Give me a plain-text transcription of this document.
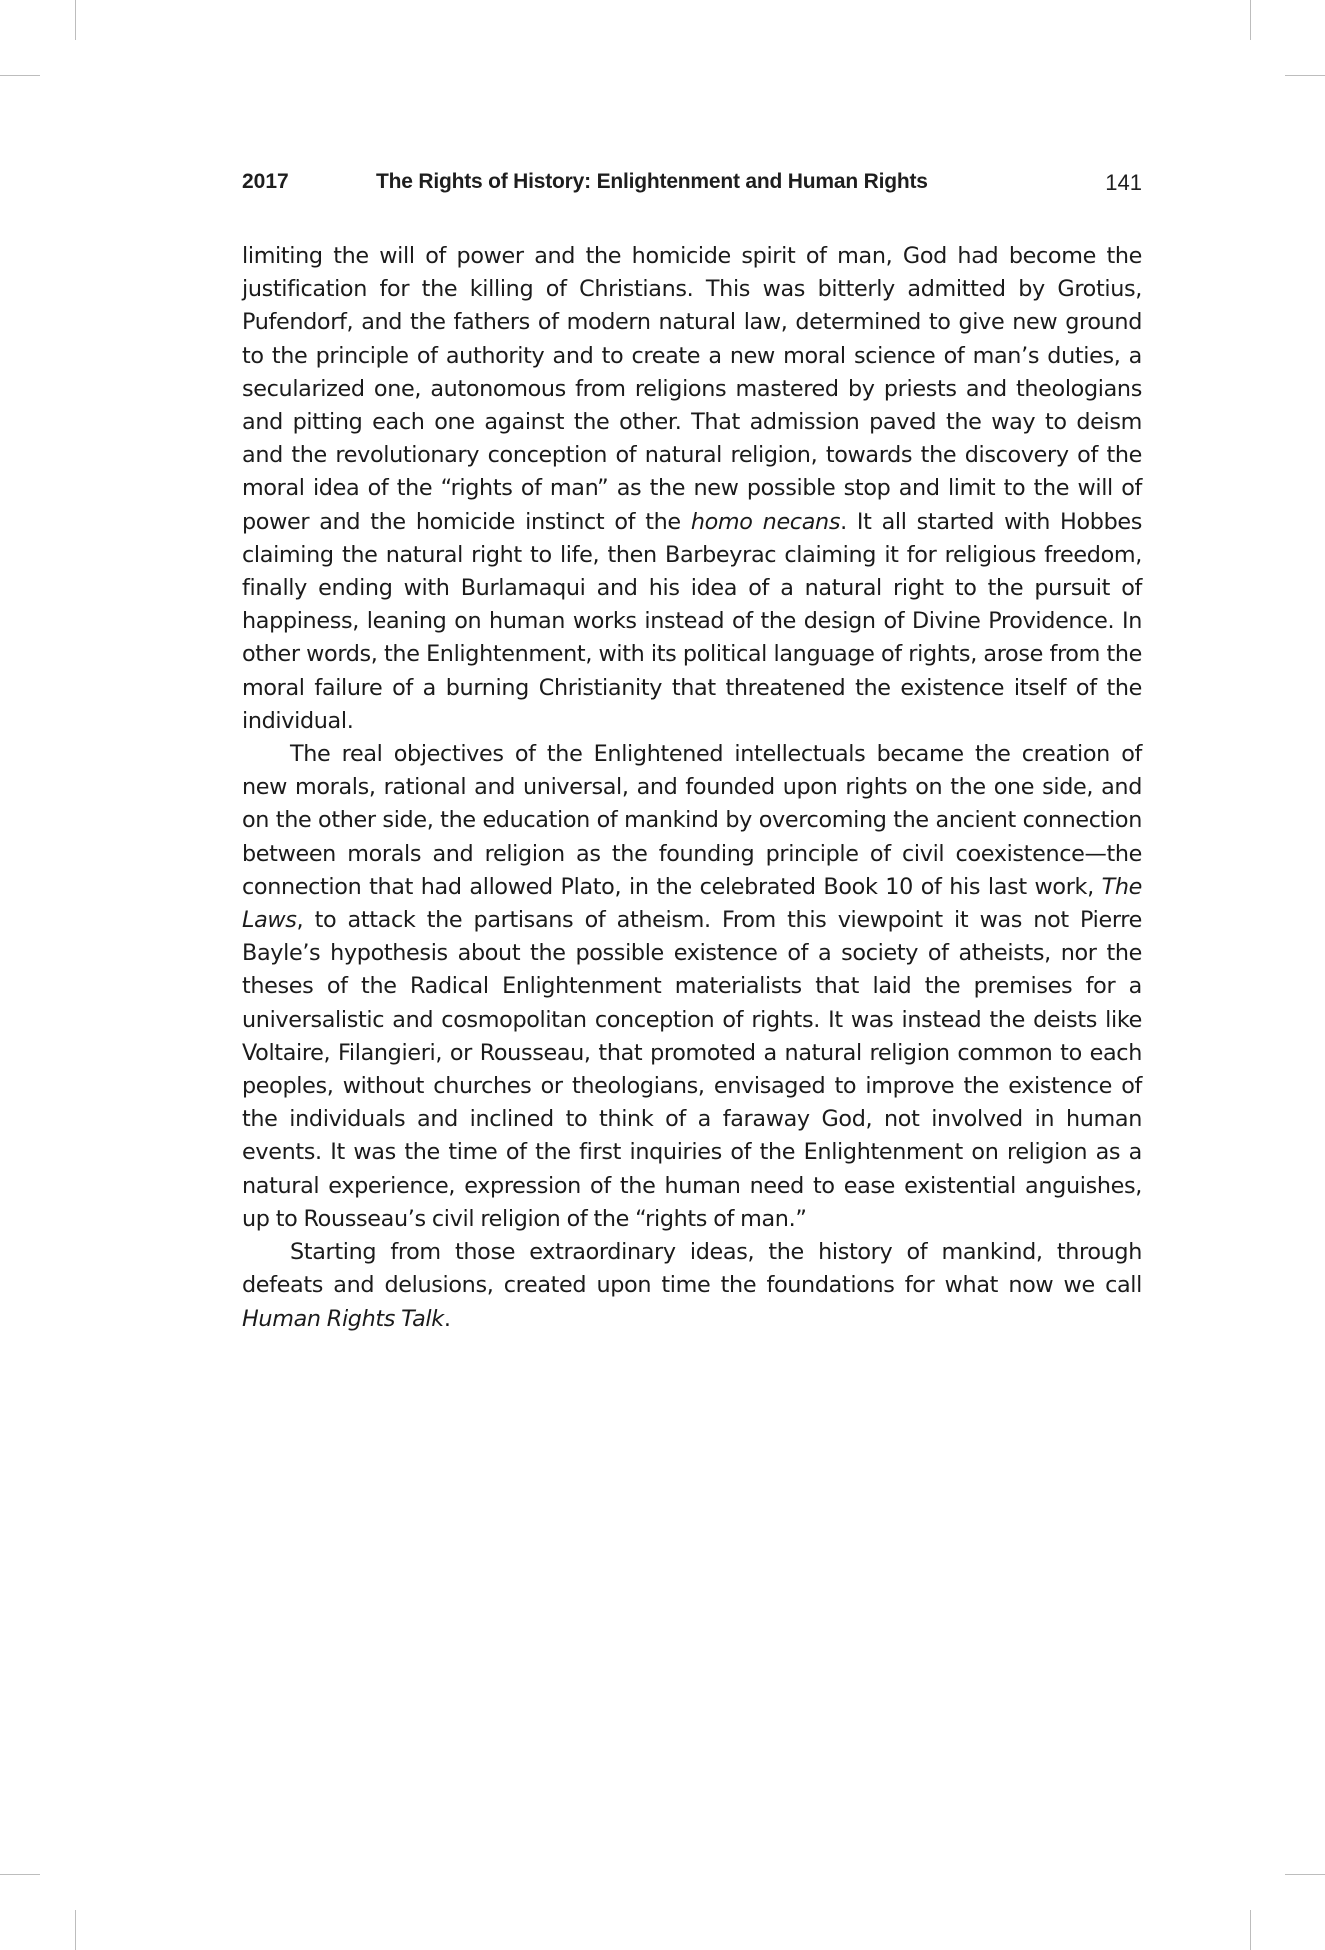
2017	The Rights of History: Enlightenment and Human Rights	141

limiting the will of power and the homicide spirit of man, God had become the justification for the killing of Christians. This was bitterly admitted by Grotius, Pufendorf, and the fathers of modern natural law, determined to give new ground to the principle of authority and to create a new moral science of man’s duties, a secularized one, autonomous from religions mastered by priests and theologians and pitting each one against the other. That admission paved the way to deism and the revolutionary conception of natural religion, towards the discovery of the moral idea of the “rights of man” as the new possible stop and limit to the will of power and the homicide instinct of the homo necans. It all started with Hobbes claiming the natural right to life, then Barbeyrac claiming it for religious freedom, finally ending with Burlamaqui and his idea of a natural right to the pursuit of happiness, leaning on human works instead of the design of Divine Providence. In other words, the Enlightenment, with its political language of rights, arose from the moral failure of a burning Christianity that threatened the existence itself of the individual.

The real objectives of the Enlightened intellectuals became the creation of new morals, rational and universal, and founded upon rights on the one side, and on the other side, the education of mankind by overcoming the ancient connection between morals and religion as the founding principle of civil coexistence—the connection that had allowed Plato, in the celebrated Book 10 of his last work, The Laws, to attack the partisans of atheism. From this viewpoint it was not Pierre Bayle’s hypothesis about the possible existence of a society of atheists, nor the theses of the Radical Enlightenment materialists that laid the premises for a universalistic and cosmopolitan conception of rights. It was instead the deists like Voltaire, Filangieri, or Rousseau, that promoted a natural religion common to each peoples, without churches or theologians, envisaged to improve the existence of the individuals and inclined to think of a faraway God, not involved in human events. It was the time of the first inquiries of the Enlightenment on religion as a natural experience, expression of the human need to ease existential anguishes, up to Rousseau’s civil religion of the “rights of man.”

Starting from those extraordinary ideas, the history of mankind, through defeats and delusions, created upon time the foundations for what now we call Human Rights Talk.
